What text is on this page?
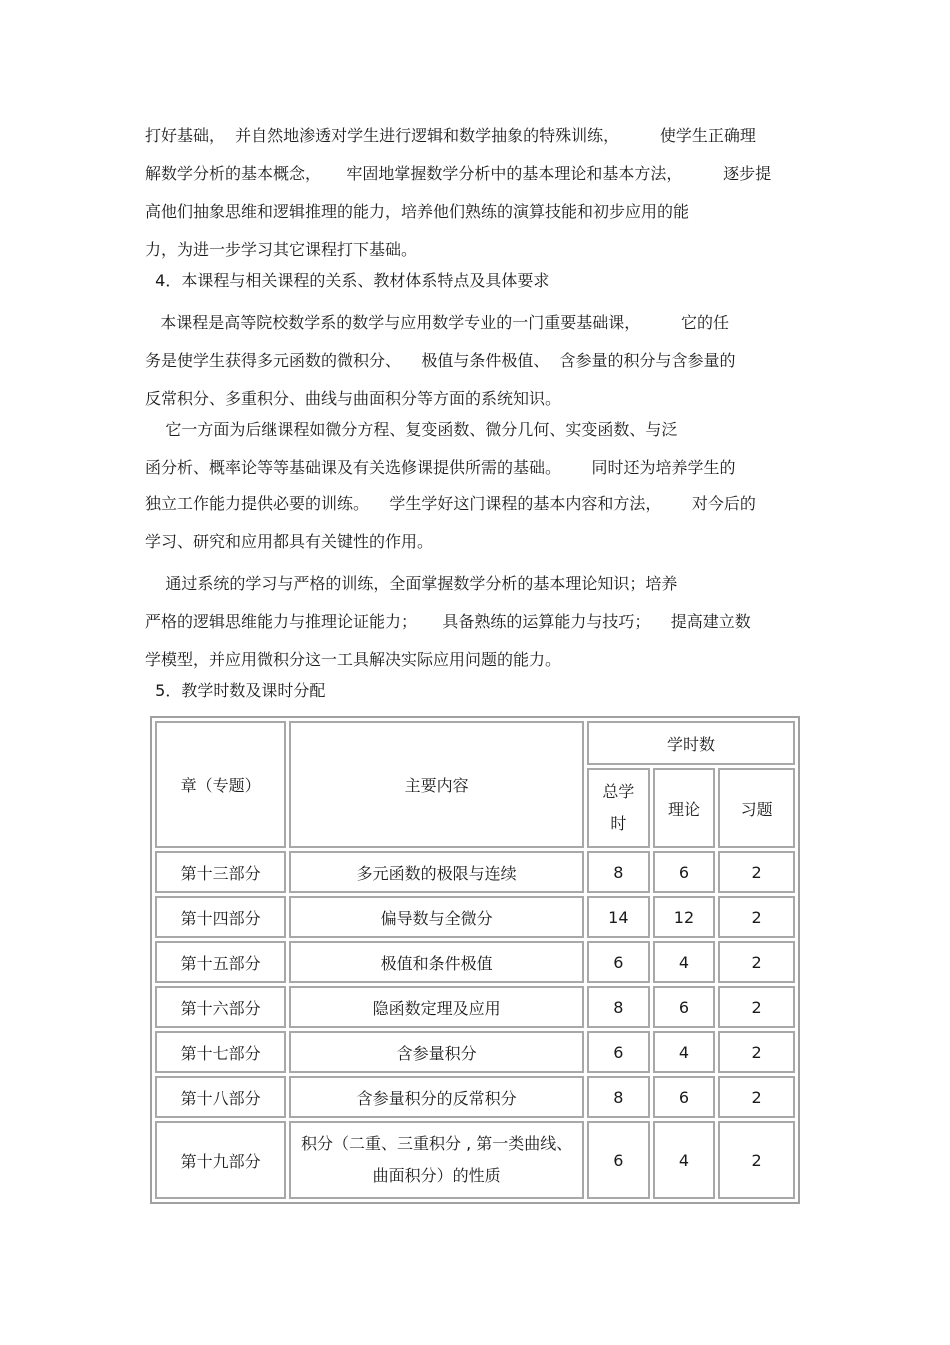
打好基础，  并自然地渗透对学生进行逻辑和数学抽象的特殊训练，        使学生正确理
解数学分析的基本概念，     牢固地掌握数学分析中的基本理论和基本方法，        逐步提
高他们抽象思维和逻辑推理的能力，培养他们熟练的演算技能和初步应用的能
力，为进一步学习其它课程打下基础。
4．本课程与相关课程的关系、教材体系特点及具体要求
本课程是高等院校数学系的数学与应用数学专业的一门重要基础课，        它的任
务是使学生获得多元函数的微积分、    极值与条件极值、  含参量的积分与含参量的
反常积分、多重积分、曲线与曲面积分等方面的系统知识。
它一方面为后继课程如微分方程、复变函数、微分几何、实变函数、与泛
函分析、概率论等等基础课及有关选修课提供所需的基础。      同时还为培养学生的
独立工作能力提供必要的训练。    学生学好这门课程的基本内容和方法，      对今后的
学习、研究和应用都具有关键性的作用。
通过系统的学习与严格的训练，全面掌握数学分析的基本理论知识；培养
严格的逻辑思维能力与推理论证能力；     具备熟练的运算能力与技巧；    提高建立数
学模型，并应用微积分这一工具解决实际应用问题的能力。
5．教学时数及课时分配
章（专题）	主要内容	学时数		
		总学
时	理论	习题
第十三部分	多元函数的极限与连续	8	6	2
第十四部分	偏导数与全微分	14	12	2
第十五部分	极值和条件极值	6	4	2
第十六部分	隐函数定理及应用	8	6	2
第十七部分	含参量积分	6	4	2
第十八部分	含参量积分的反常积分	8	6	2
第十九部分	积分（二重、三重积分 , 第一类曲线、
曲面积分）的性质	6	4	2
